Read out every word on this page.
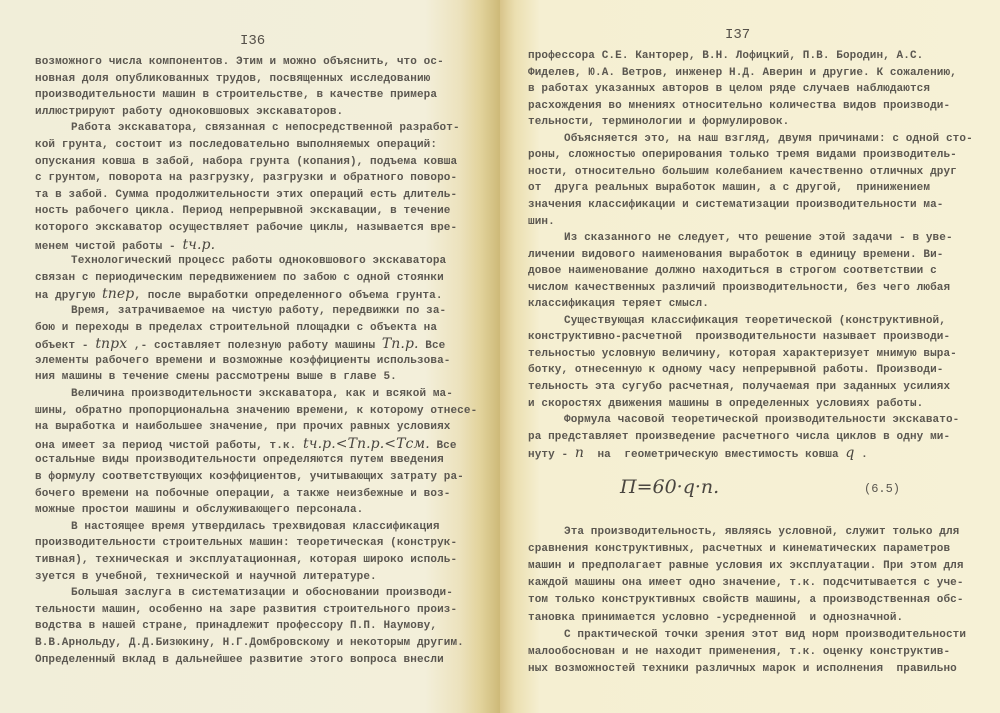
I36
возможного числа компонентов. Этим и можно объяснить, что ос-
новная доля опубликованных трудов, посвященных исследованию
производительности машин в строительстве, в качестве примера
иллюстрируют работу одноковшовых экскаваторов.
Работа экскаватора, связанная с непосредственной разработ-
кой грунта, состоит из последовательно выполняемых операций:
опускания ковша в забой, набора грунта (копания), подъема ковша
с грунтом, поворота на разгрузку, разгрузки и обратного поворо-
та в забой. Сумма продолжительности этих операций есть длитель-
ность рабочего цикла. Период непрерывной экскавации, в течение
которого экскаватор осуществляет рабочие циклы, называется вре-
менем чистой работы - tч.р.
Технологический процесс работы одноковшового экскаватора
связан с периодическим передвижением по забою с одной стоянки
на другую tпер, после выработки определенного объема грунта.
Время, затрачиваемое на чистую работу, передвижки по за-
бою и переходы в пределах строительной площадки с объекта на
объект - tпрх ,- составляет полезную работу машины Тп.р. Все
элементы рабочего времени и возможные коэффициенты использова-
ния машины в течение смены рассмотрены выше в главе 5.
Величина производительности экскаватора, как и всякой ма-
шины, обратно пропорциональна значению времени, к которому отнесе-
на выработка и наибольшее значение, при прочих равных условиях
она имеет за период чистой работы, т.к. tч.р.<Тп.р.<Тсм. Все
остальные виды производительности определяются путем введения
в формулу соответствующих коэффициентов, учитывающих затрату ра-
бочего времени на побочные операции, а также неизбежные и воз-
можные простои машины и обслуживающего персонала.
В настоящее время утвердилась трехвидовая классификация
производительности строительных машин: теоретическая (конструк-
тивная), техническая и эксплуатационная, которая широко исполь-
зуется в учебной, технической и научной литературе.
Большая заслуга в систематизации и обосновании производи-
тельности машин, особенно на заре развития строительного произ-
водства в нашей стране, принадлежит профессору П.П. Наумову,
В.В.Арнольду, Д.Д.Бизюкину, Н.Г.Домбровскому и некоторым другим.
Определенный вклад в дальнейшее развитие этого вопроса внесли
I37
профессора С.Е. Канторер, В.Н. Лофицкий, П.В. Бородин, А.С.
Фиделев, Ю.А. Ветров, инженер Н.Д. Аверин и другие. К сожалению,
в работах указанных авторов в целом ряде случаев наблюдаются
расхождения во мнениях относительно количества видов производи-
тельности, терминологии и формулировок.
Объясняется это, на наш взгляд, двумя причинами: с одной сто-
роны, сложностью оперирования только тремя видами производитель-
ности, относительно большим колебанием качественно отличных друг
от  друга реальных выработок машин, а с другой,  принижением
значения классификации и систематизации производительности ма-
шин.
Из сказанного не следует, что решение этой задачи - в уве-
личении видового наименования выработок в единицу времени. Ви-
довое наименование должно находиться в строгом соответствии с
числом качественных различий производительности, без чего любая
классификация теряет смысл.
Существующая классификация теоретической (конструктивной,
конструктивно-расчетной  производительности называет производи-
тельностью условную величину, которая характеризует мнимую выра-
ботку, отнесенную к одному часу непрерывной работы. Производи-
тельность эта сугубо расчетная, получаемая при заданных усилиях
и скоростях движения машины в определенных условиях работы.
Формула часовой теоретической производительности экскавато-
ра представляет произведение расчетного числа циклов в одну ми-
нуту - n  на  геометрическую вместимость ковша q .
П=60·q·n.	(6.5)
Эта производительность, являясь условной, служит только для
сравнения конструктивных, расчетных и кинематических параметров
машин и предполагает равные условия их эксплуатации. При этом для
каждой машины она имеет одно значение, т.к. подсчитывается с уче-
том только конструктивных свойств машины, а производственная обс-
тановка принимается условно -усредненной  и однозначной.
С практической точки зрения этот вид норм производительности
малообоснован и не находит применения, т.к. оценку конструктив-
ных возможностей техники различных марок и исполнения  правильно
